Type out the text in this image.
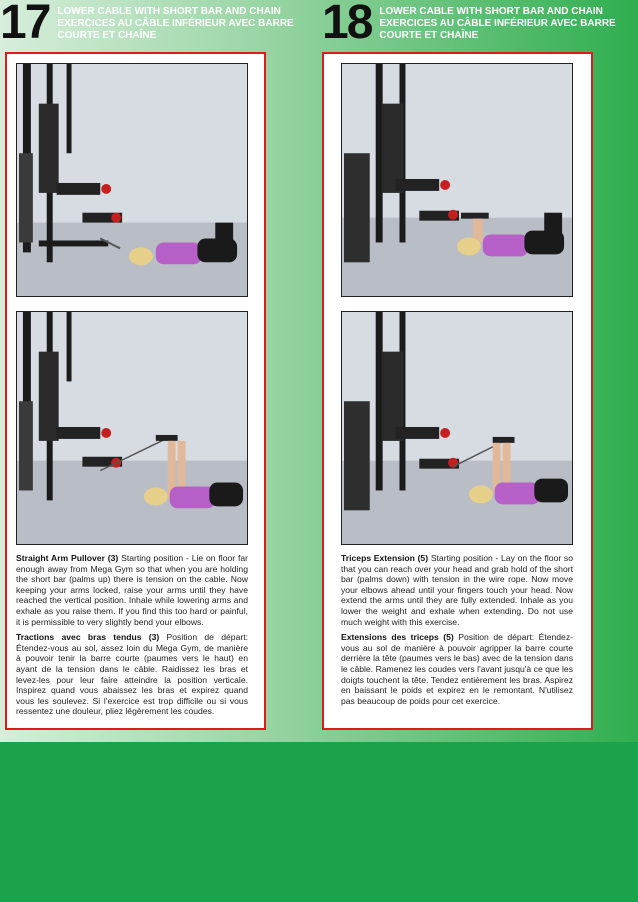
17 LOWER CABLE WITH SHORT BAR AND CHAIN
EXERCICES AU CÂBLE INFÉRIEUR AVEC BARRE
COURTE ET CHAÎNE	18 LOWER CABLE WITH SHORT BAR AND CHAIN
EXERCICES AU CÂBLE INFÉRIEUR AVEC BARRE
COURTE ET CHAÎNE

Straight Arm Pullover (3) Starting position - Lie on floor far enough away from Mega Gym so that when you are holding the short bar (palms up) there is tension on the cable. Now keeping your arms locked, raise your arms until they have reached the vertical position. Inhale while lowering arms and exhale as you raise them. If you find this too hard or painful, it is permissible to very slightly bend your elbows.

Tractions avec bras tendus (3) Position de départ: Étendez-vous au sol, assez loin du Mega Gym, de manière à pouvoir tenir la barre courte (paumes vers le haut) en ayant de la tension dans le câble. Raidissez les bras et levez-les pour leur faire atteindre la position verticale. Inspirez quand vous abaissez les bras et expirez quand vous les soulevez. Si l'exercice est trop difficile ou si vous ressentez une douleur, pliez légèrement les coudes.

Triceps Extension (5) Starting position - Lay on the floor so that you can reach over your head and grab hold of the short bar (palms down) with tension in the wire rope. Now move your elbows ahead until your fingers touch your head. Now extend the arms until they are fully extended. Inhale as you lower the weight and exhale when extending. Do not use much weight with this exercise.

Extensions des triceps (5) Position de départ: Étendez-vous au sol de manière à pouvoir agripper la barre courte derrière la tête (paumes vers le bas) avec de la tension dans le câble. Ramenez les coudes vers l'avant jusqu'à ce que les doigts touchent la tête. Tendez entièrement les bras. Aspirez en baissant le poids et expirez en le remontant. N'utilisez pas beaucoup de poids pour cet exercice.
